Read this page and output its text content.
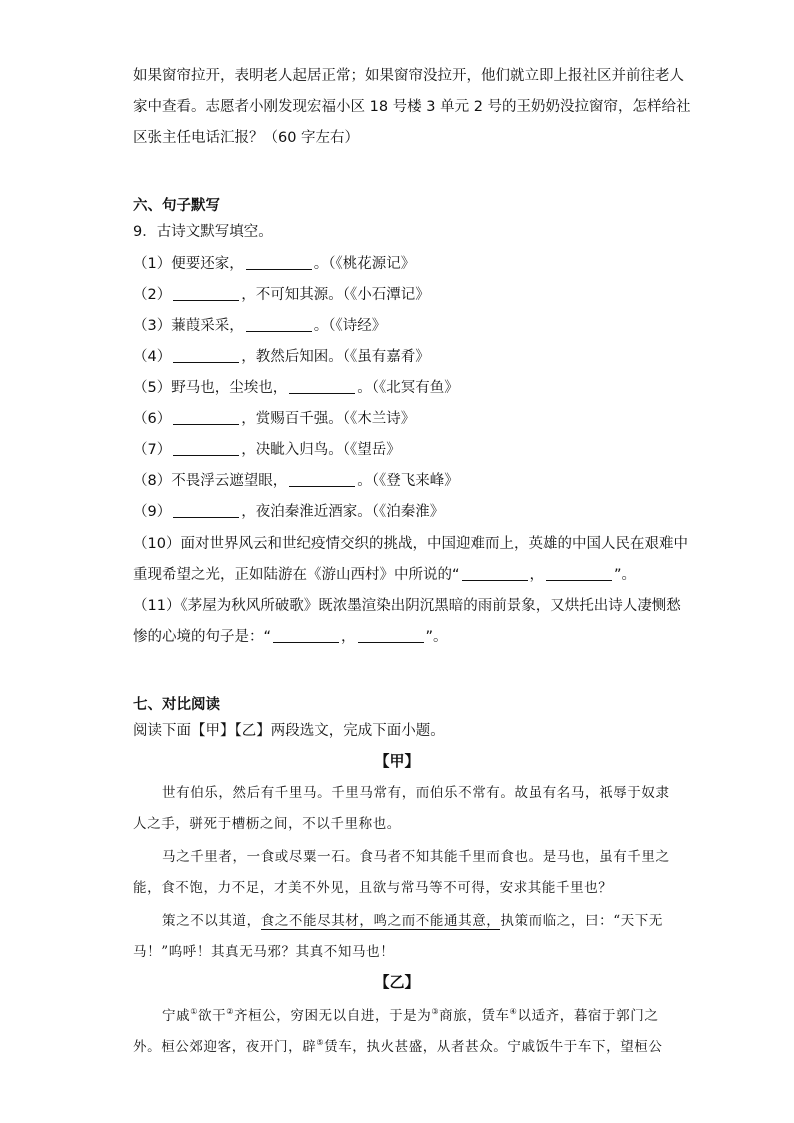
如果窗帘拉开，表明老人起居正常；如果窗帘没拉开，他们就立即上报社区并前往老人
家中查看。志愿者小刚发现宏福小区 18 号楼 3 单元 2 号的王奶奶没拉窗帘，怎样给社
区张主任电话汇报？（60 字左右）
六、句子默写
9．古诗文默写填空。
（1）便要还家，	。（《桃花源记》
（2）	，不可知其源。（《小石潭记》
（3）蒹葭采采，	。（《诗经》
（4）	，教然后知困。（《虽有嘉肴》
（5）野马也，尘埃也，	。（《北冥有鱼》
（6）	，赏赐百千强。（《木兰诗》
（7）	，决眦入归鸟。（《望岳》
（8）不畏浮云遮望眼，	。（《登飞来峰》
（9）	，夜泊秦淮近酒家。（《泊秦淮》
（10）面对世界风云和世纪疫情交织的挑战，中国迎难而上，英雄的中国人民在艰难中
重现希望之光，正如陆游在《游山西村》中所说的“	，	”。
（11）《茅屋为秋风所破歌》既浓墨渲染出阴沉黑暗的雨前景象，又烘托出诗人凄恻愁
惨的心境的句子是：“	，	”。
七、对比阅读
阅读下面【甲】【乙】两段选文，完成下面小题。
【甲】
世有伯乐，然后有千里马。千里马常有，而伯乐不常有。故虽有名马，祇辱于奴隶
人之手，骈死于槽枥之间，不以千里称也。
马之千里者，一食或尽粟一石。食马者不知其能千里而食也。是马也，虽有千里之
能，食不饱，力不足，才美不外见，且欲与常马等不可得，安求其能千里也？
策之不以其道，食之不能尽其材，鸣之而不能通其意，执策而临之，曰：“天下无
马！”呜呼！其真无马邪？其真不知马也！
【乙】
宁戚①欲干②齐桓公，穷困无以自进，于是为③商旅，赁车④以适齐，暮宿于郭门之
外。桓公郊迎客，夜开门，辟⑤赁车，执火甚盛，从者甚众。宁戚饭牛于车下，望桓公
